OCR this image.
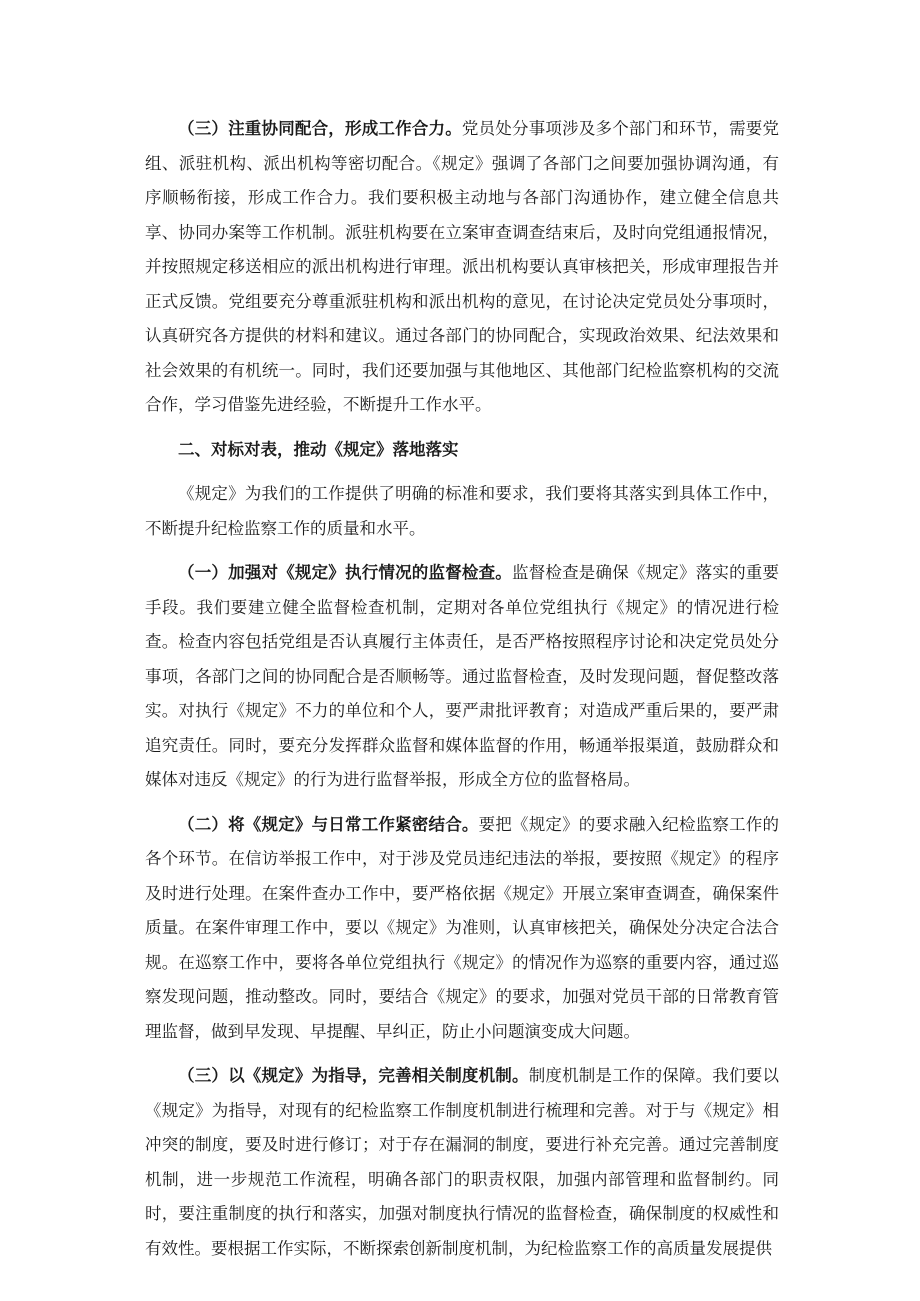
（三）注重协同配合，形成工作合力。党员处分事项涉及多个部门和环节，需要党组、派驻机构、派出机构等密切配合。《规定》强调了各部门之间要加强协调沟通，有序顺畅衔接，形成工作合力。我们要积极主动地与各部门沟通协作，建立健全信息共享、协同办案等工作机制。派驻机构要在立案审查调查结束后，及时向党组通报情况，并按照规定移送相应的派出机构进行审理。派出机构要认真审核把关，形成审理报告并正式反馈。党组要充分尊重派驻机构和派出机构的意见，在讨论决定党员处分事项时，认真研究各方提供的材料和建议。通过各部门的协同配合，实现政治效果、纪法效果和社会效果的有机统一。同时，我们还要加强与其他地区、其他部门纪检监察机构的交流合作，学习借鉴先进经验，不断提升工作水平。

二、对标对表，推动《规定》落地落实

《规定》为我们的工作提供了明确的标准和要求，我们要将其落实到具体工作中，不断提升纪检监察工作的质量和水平。

（一）加强对《规定》执行情况的监督检查。监督检查是确保《规定》落实的重要手段。我们要建立健全监督检查机制，定期对各单位党组执行《规定》的情况进行检查。检查内容包括党组是否认真履行主体责任，是否严格按照程序讨论和决定党员处分事项，各部门之间的协同配合是否顺畅等。通过监督检查，及时发现问题，督促整改落实。对执行《规定》不力的单位和个人，要严肃批评教育；对造成严重后果的，要严肃追究责任。同时，要充分发挥群众监督和媒体监督的作用，畅通举报渠道，鼓励群众和媒体对违反《规定》的行为进行监督举报，形成全方位的监督格局。

（二）将《规定》与日常工作紧密结合。要把《规定》的要求融入纪检监察工作的各个环节。在信访举报工作中，对于涉及党员违纪违法的举报，要按照《规定》的程序及时进行处理。在案件查办工作中，要严格依据《规定》开展立案审查调查，确保案件质量。在案件审理工作中，要以《规定》为准则，认真审核把关，确保处分决定合法合规。在巡察工作中，要将各单位党组执行《规定》的情况作为巡察的重要内容，通过巡察发现问题，推动整改。同时，要结合《规定》的要求，加强对党员干部的日常教育管理监督，做到早发现、早提醒、早纠正，防止小问题演变成大问题。

（三）以《规定》为指导，完善相关制度机制。制度机制是工作的保障。我们要以《规定》为指导，对现有的纪检监察工作制度机制进行梳理和完善。对于与《规定》相冲突的制度，要及时进行修订；对于存在漏洞的制度，要进行补充完善。通过完善制度机制，进一步规范工作流程，明确各部门的职责权限，加强内部管理和监督制约。同时，要注重制度的执行和落实，加强对制度执行情况的监督检查，确保制度的权威性和有效性。要根据工作实际，不断探索创新制度机制，为纪检监察工作的高质量发展提供
